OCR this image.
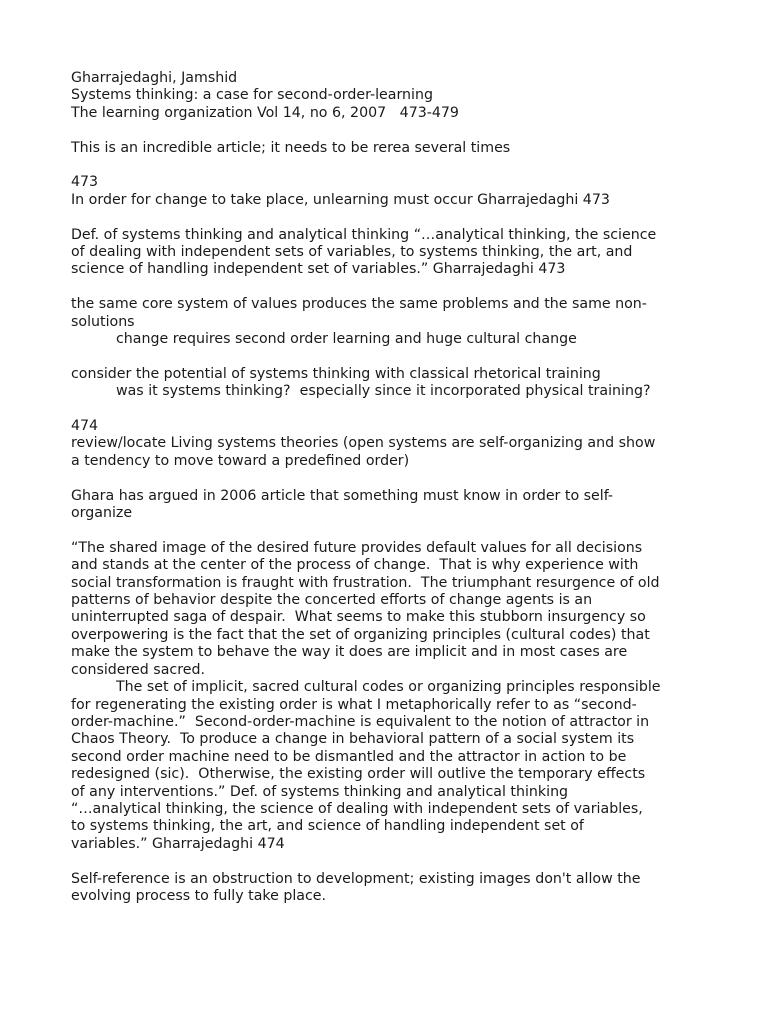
Gharrajedaghi, Jamshid

Systems thinking: a case for second-order-learning

The learning organization Vol 14, no 6, 2007   473-479

This is an incredible article; it needs to be rerea several times

473

In order for change to take place, unlearning must occur Gharrajedaghi 473

Def. of systems thinking and analytical thinking “…analytical thinking, the science

of dealing with independent sets of variables, to systems thinking, the art, and

science of handling independent set of variables.” Gharrajedaghi 473

the same core system of values produces the same problems and the same non-

solutions

change requires second order learning and huge cultural change

consider the potential of systems thinking with classical rhetorical training

was it systems thinking?  especially since it incorporated physical training?

474

review/locate Living systems theories (open systems are self-organizing and show

a tendency to move toward a predefined order)

Ghara has argued in 2006 article that something must know in order to self-

organize

“The shared image of the desired future provides default values for all decisions

and stands at the center of the process of change.  That is why experience with

social transformation is fraught with frustration.  The triumphant resurgence of old

patterns of behavior despite the concerted efforts of change agents is an

uninterrupted saga of despair.  What seems to make this stubborn insurgency so

overpowering is the fact that the set of organizing principles (cultural codes) that

make the system to behave the way it does are implicit and in most cases are

considered sacred.

The set of implicit, sacred cultural codes or organizing principles responsible

for regenerating the existing order is what I metaphorically refer to as “second-

order-machine.”  Second-order-machine is equivalent to the notion of attractor in

Chaos Theory.  To produce a change in behavioral pattern of a social system its

second order machine need to be dismantled and the attractor in action to be

redesigned (sic).  Otherwise, the existing order will outlive the temporary effects

of any interventions.” Def. of systems thinking and analytical thinking

“…analytical thinking, the science of dealing with independent sets of variables,

to systems thinking, the art, and science of handling independent set of

variables.” Gharrajedaghi 474

Self-reference is an obstruction to development; existing images don't allow the

evolving process to fully take place.
